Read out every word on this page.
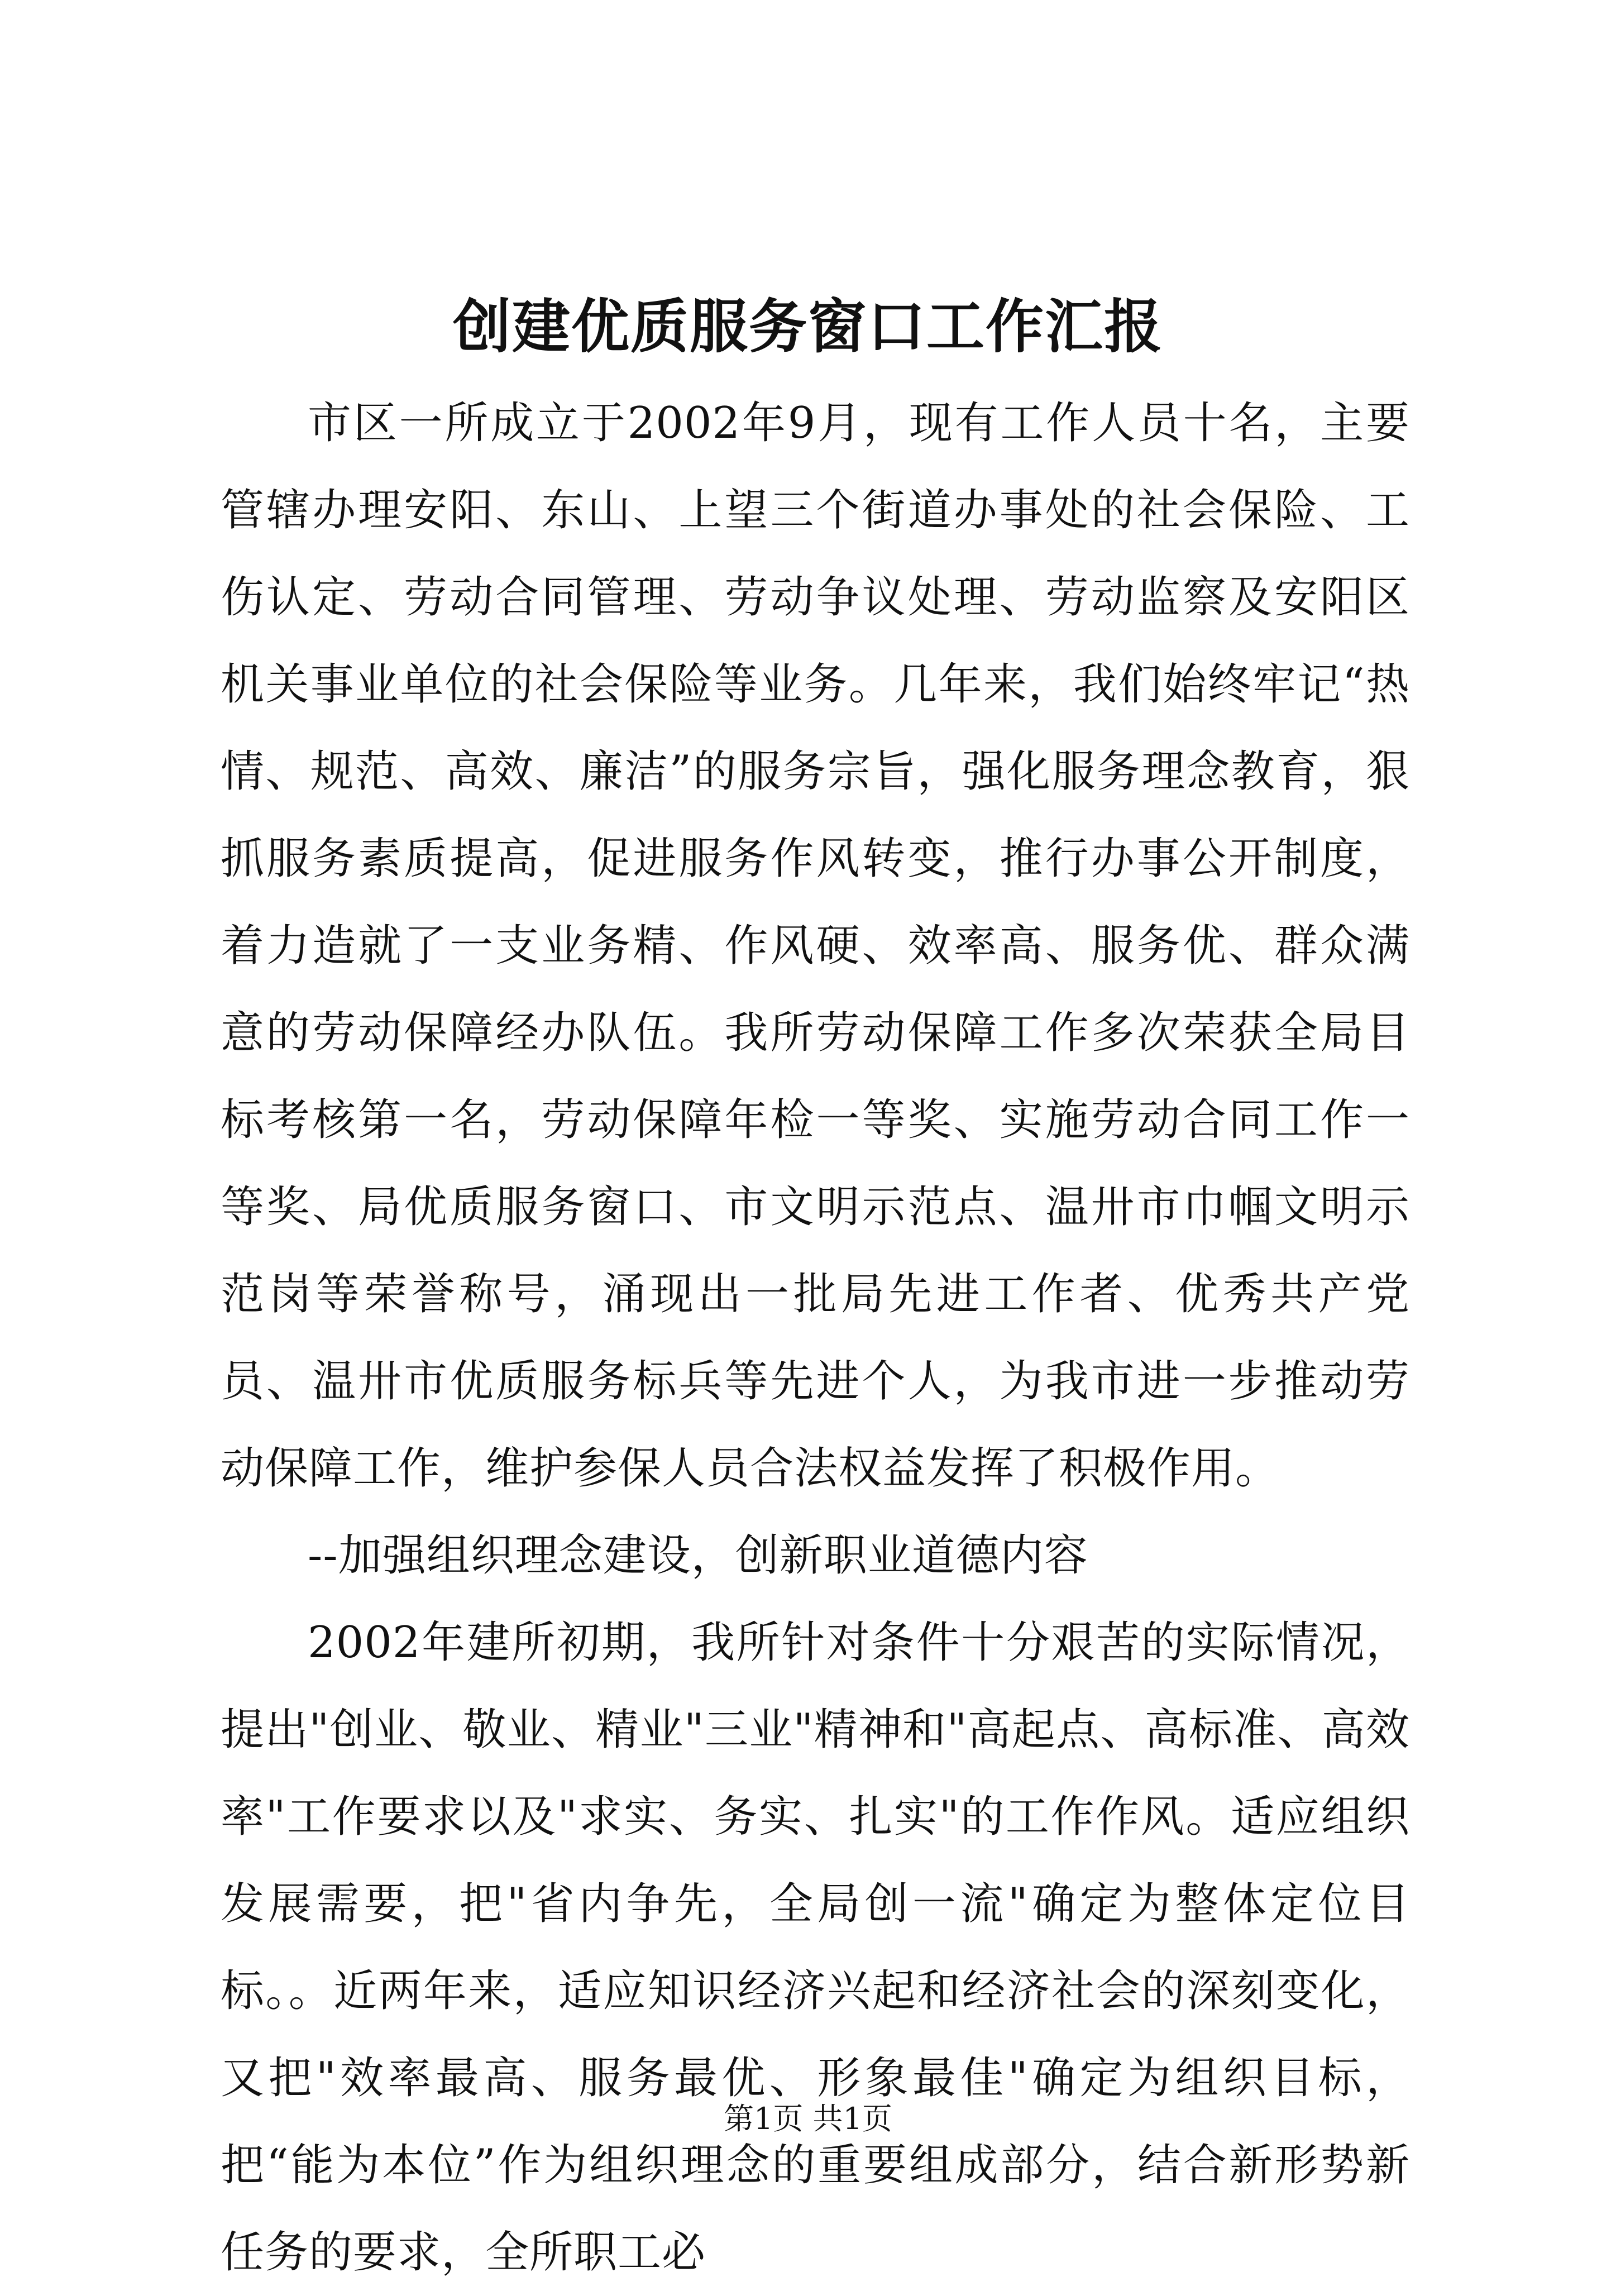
创建优质服务窗口工作汇报

市区一所成立于2002年9月，现有工作人员十名，主要管辖办理安阳、东山、上望三个街道办事处的社会保险、工伤认定、劳动合同管理、劳动争议处理、劳动监察及安阳区机关事业单位的社会保险等业务。几年来，我们始终牢记“热情、规范、高效、廉洁”的服务宗旨，强化服务理念教育，狠抓服务素质提高，促进服务作风转变，推行办事公开制度，着力造就了一支业务精、作风硬、效率高、服务优、群众满意的劳动保障经办队伍。我所劳动保障工作多次荣获全局目标考核第一名，劳动保障年检一等奖、实施劳动合同工作一等奖、局优质服务窗口、市文明示范点、温卅市巾帼文明示范岗等荣誉称号，涌现出一批局先进工作者、优秀共产党员、温卅市优质服务标兵等先进个人，为我市进一步推动劳动保障工作，维护参保人员合法权益发挥了积极作用。

--加强组织理念建设，创新职业道德内容

2002年建所初期，我所针对条件十分艰苦的实际情况，提出"创业、敬业、精业"三业"精神和"高起点、高标准、高效率"工作要求以及"求实、务实、扎实"的工作作风。适应组织发展需要，把"省内争先，全局创一流"确定为整体定位目标。。近两年来，适应知识经济兴起和经济社会的深刻变化，又把"效率最高、服务最优、形象最佳"确定为组织目标，把“能为本位”作为组织理念的重要组成部分，结合新形势新任务的要求，全所职工必

第1页 共1页
